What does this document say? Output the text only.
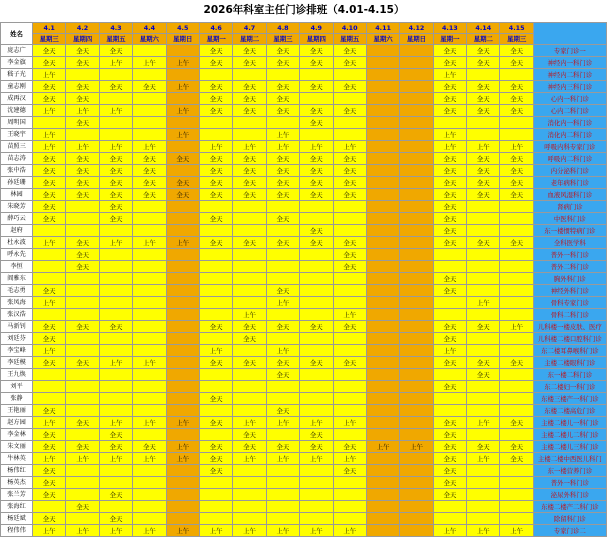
2026年科室主任门诊排班（4.01-4.15）
姓名	4.1	4.2	4.3	4.4	4.5	4.6	4.7	4.8	4.9	4.10	4.11	4.12	4.13	4.14	4.15	
	星期三	星期四	星期五	星期六	星期日	星期一	星期二	星期三	星期四	星期五	星期六	星期日	星期一	星期二	星期三	
庞志广	全天	全天	全天			全天	全天	全天	全天	全天			全天	全天	全天	专家门诊一
李金旗	全天	全天	上午	上午	上午	全天	全天	全天	全天	全天			全天	全天	全天	神经内一科门诊
嵇子光	上午												上午			神经内二科门诊
童志刚	全天	全天	全天	全天	上午	全天	全天	全天	全天	全天			全天	全天	全天	神经内三科门诊
成再汉	全天	全天				全天	全天	全天					全天	全天	全天	心内一科门诊
沈建德	上午	上午	上午		上午	全天	全天	全天	全天	全天			全天	全天	全天	心内二科门诊
周明国		全天							全天							消化内一科门诊
王晓宇	上午				上午			上午					上午			消化内二科门诊
苗照三	上午	上午	上午	上午		上午	上午	上午	上午	上午			上午	上午	上午	呼吸内科专家门诊
苗志涛	全天	全天	全天	全天	全天	全天	全天	全天	全天	全天			全天	全天	全天	呼吸内二科门诊
张中浩	全天	全天	全天	全天		全天	全天	全天	全天	全天			全天	全天	全天	内分泌科门诊
孙廷珊	全天	全天	全天	全天	全天	全天	全天	全天	全天	全天			全天	全天	全天	老年病科门诊
林园	全天	全天	全天	全天	全天	全天	全天	全天	全天	全天			全天	全天	全天	血液风湿科门诊
朱晓芳	全天		全天										全天			肾病门诊
薛巧云	全天		全天			全天		全天					全天			中医科门诊
赵府									全天				全天			东一楼惯特病门诊
杜永波	上午	全天	上午	上午	上午	全天	全天	全天	全天	全天			全天	全天	全天	全科医学科
呼永先		全天								全天						普外一科门诊
李恒		全天								全天						普外二科门诊
阎雅东													全天			胸外科门诊
毛志勇	全天							全天					全天			神经外科门诊
张凤海	上午							上午						上午		骨科专家门诊
张汉浩							上午			上午						骨科二科门诊
马新钊	全天	全天	全天			全天	全天	全天	全天	全天			全天	全天	上午	儿科楼一楼皮肤、医疗
刘廷芬	全天						全天						全天			儿科楼二楼口腔科门诊
李宝峰	上午					上午		上午					上午			东二楼耳鼻喉科门诊
李廷模	全天	全天	上午	上午		全天	全天	全天	全天	全天			全天	全天	全天	主楼二楼眼科门诊
王九焕								全天						全天		东一楼二科门诊
刘平													全天			东二楼妇一科门诊
张静						全天										东楼三楼产一科门诊
王艳丽	全天							全天								东楼二楼高危门诊
赵方园	上午	全天	上午	上午	上午	全天	上午	上午	上午	上午			全天	上午	全天	主楼二楼儿一科门诊
李金林	全天		全天				全天		全天				全天			主楼二楼儿二科门诊
朱文丽	全天	全天	全天	全天	上午	全天	全天	全天	全天	全天	上午	上午	全天	全天	全天	主楼二楼儿三科门诊
牛林英	上午	上午	上午	上午	上午	全天	上午	上午	上午	上午			全天	上午	全天	主楼二楼中西医儿科门
杨伟红	全天					全天				全天			全天			东一楼营养门诊
杨英杰	全天												全天			普外一科门诊
张兰芳	全天		全天										全天			泌尿外科门诊
张海红		全天														东楼二楼产二科门诊
杨廷斌	全天		全天													除留科门诊
程伟伟	上午	上午	上午	上午	上午	上午	上午	上午	上午	上午			上午	上午	上午	专家门诊二
